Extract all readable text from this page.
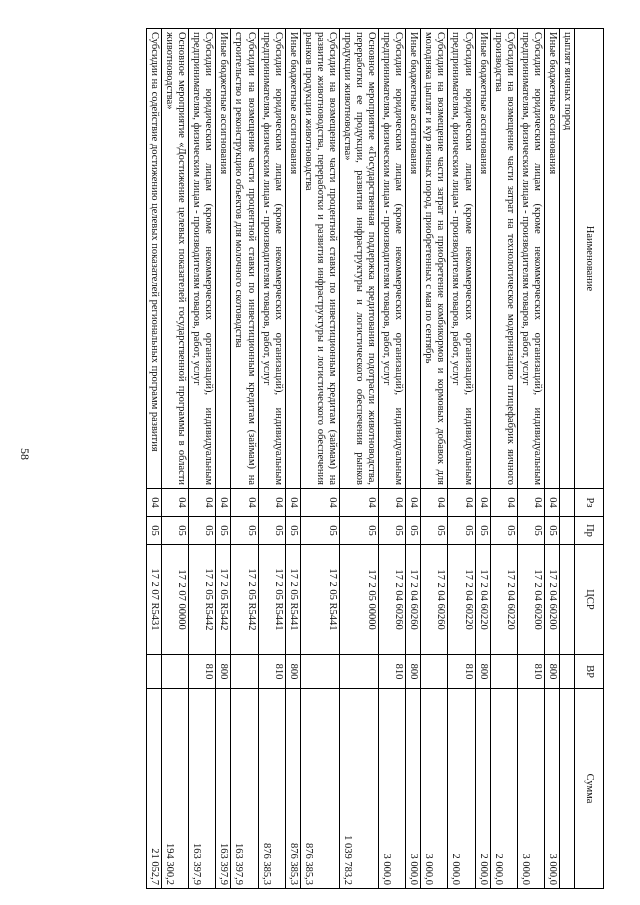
58
Наименование	Рз	Пр	ЦСР	ВР	Сумма
цыплят яичных пород					
Иные бюджетные ассигнования	04	05	17 2 04 60200	800	3 000,0
Субсидии юридическим лицам (кроме некоммерческих организаций), индивидуальным предпринимателям, физическим лицам - производителям товаров, работ, услуг	04	05	17 2 04 60200	810	3 000,0
Субсидии на возмещение части затрат на технологическое модернизацию птицефабрик яичного производства	04	05	17 2 04 60220		2 000,0
Иные бюджетные ассигнования	04	05	17 2 04 60220	800	2 000,0
Субсидии юридическим лицам (кроме некоммерческих организаций), индивидуальным предпринимателям, физическим лицам - производителям товаров, работ, услуг	04	05	17 2 04 60220	810	2 000,0
Субсидии на возмещение части затрат на приобретение комбикормов и кормовых добавок для молодняка цыплят и кур яичных пород, приобретенных с мая по сентябрь	04	05	17 2 04 60260		3 000,0
Иные бюджетные ассигнования	04	05	17 2 04 60260	800	3 000,0
Субсидии юридическим лицам (кроме некоммерческих организаций), индивидуальным предпринимателям, физическим лицам - производителям товаров, работ, услуг	04	05	17 2 04 60260	810	3 000,0
Основное мероприятие «Государственная поддержка кредитования подотрасли животноводства, переработки ее продукции, развития инфраструктуры и логистического обеспечения рынков продукции животноводства»	04	05	17 2 05 00000		1 039 783,2
Субсидии на возмещение части процентной ставки по инвестиционным кредитам (займам) на развитие животноводства, переработки и развития инфраструктуры и логистического обеспечения рынков продукции животноводства	04	05	17 2 05 R5441		876 385,3
Иные бюджетные ассигнования	04	05	17 2 05 R5441	800	876 385,3
Субсидии юридическим лицам (кроме некоммерческих организаций), индивидуальным предпринимателям, физическим лицам - производителям товаров, работ, услуг	04	05	17 2 05 R5441	810	876 385,3
Субсидии на возмещение части процентной ставки по инвестиционным кредитам (займам) на строительство и реконструкцию объектов для молочного скотоводства	04	05	17 2 05 R5442		163 397,9
Иные бюджетные ассигнования	04	05	17 2 05 R5442	800	163 397,9
Субсидии юридическим лицам (кроме некоммерческих организаций), индивидуальным предпринимателям, физическим лицам - производителям товаров, работ, услуг	04	05	17 2 05 R5442	810	163 397,9
Основное мероприятие «Достижение целевых показателей государственной программы в области животноводства»	04	05	17 2 07 00000		194 300,2
Субсидии на содействие достижению целевых показателей региональных программ развития	04	05	17 2 07 R5431		21 052,7
